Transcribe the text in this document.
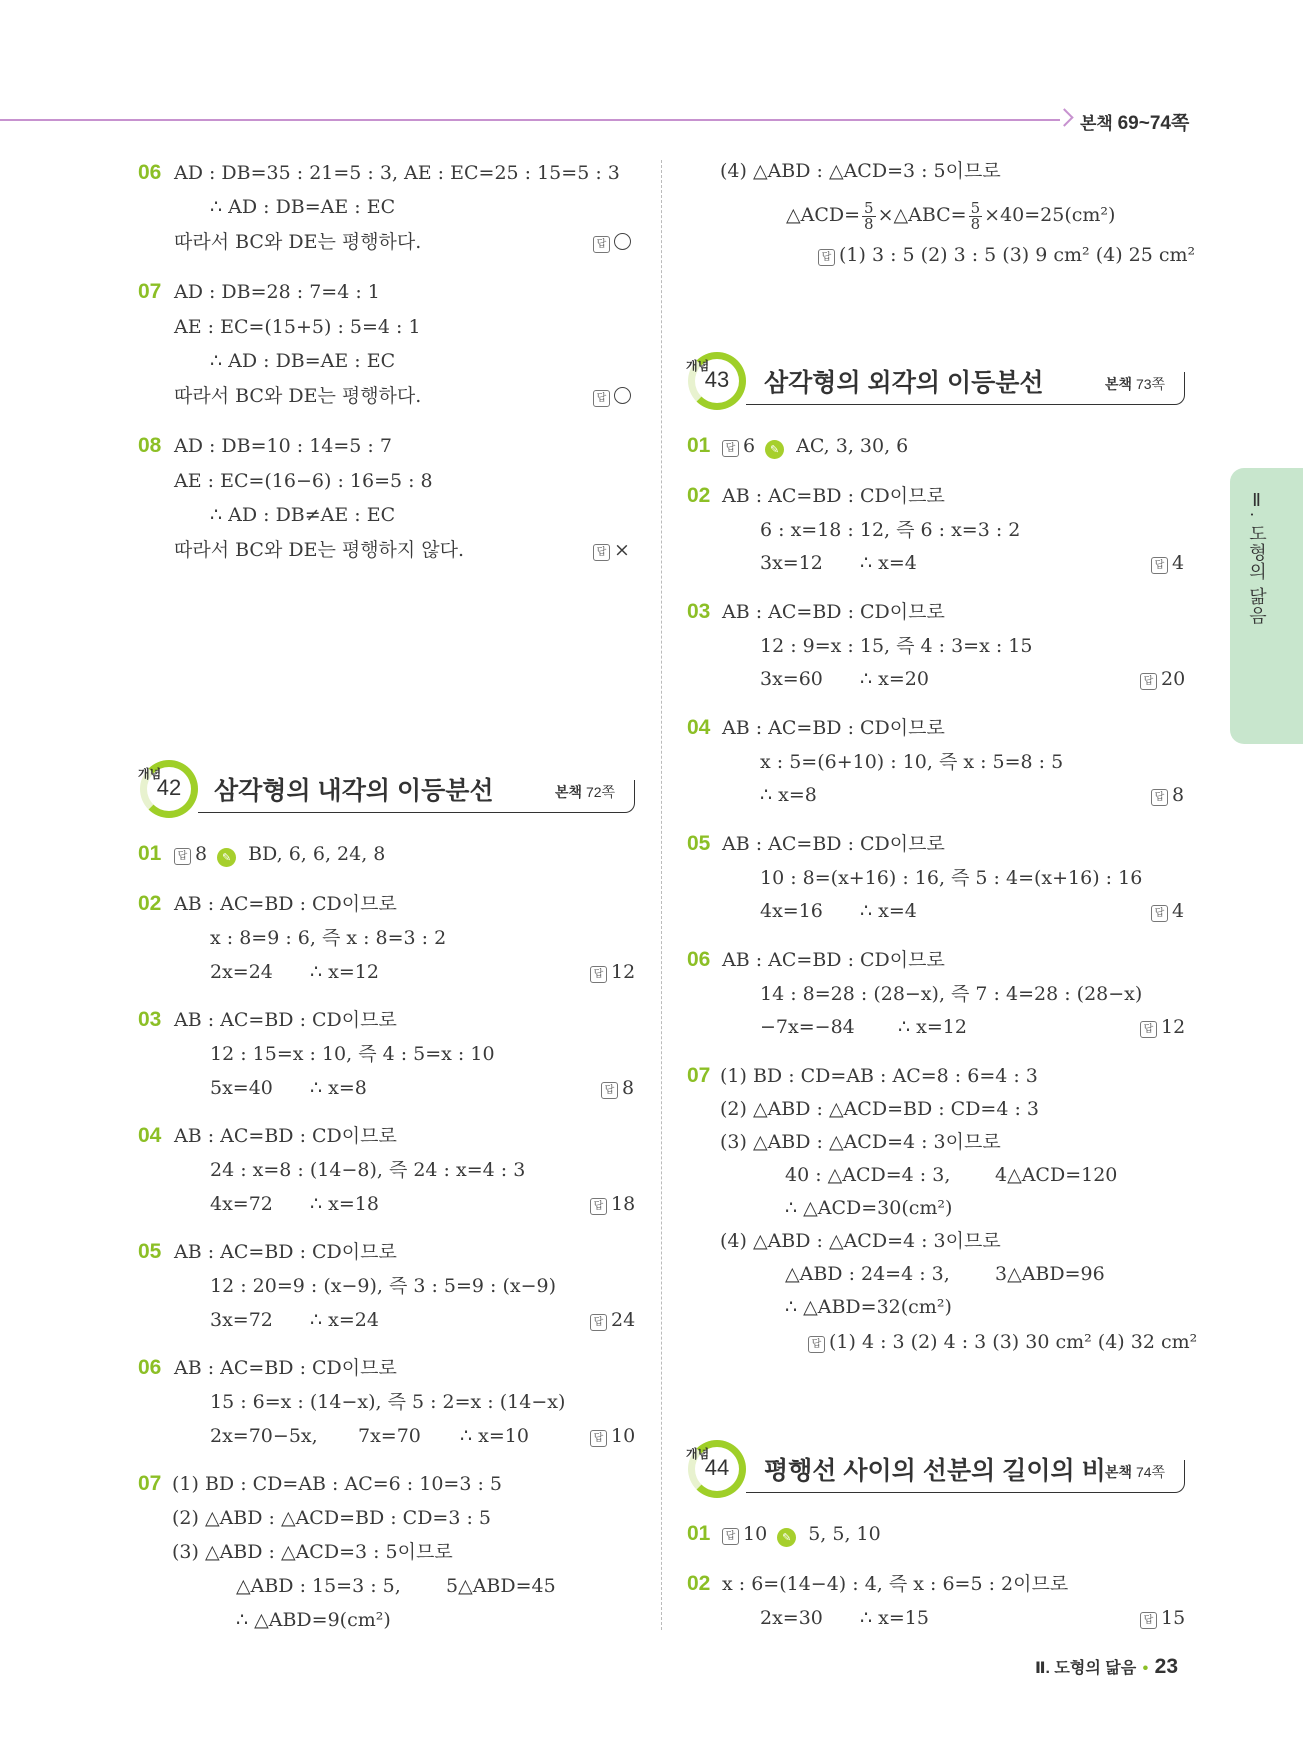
본책 69~74쪽
Ⅱ. 도형의 닮음
06 AD : DB=35 : 21=5 : 3, AE : EC=25 : 15=5 : 3
∴ AD : DB=AE : EC
따라서 BC와 DE는 평행하다.	답
07 AD : DB=28 : 7=4 : 1
AE : EC=(15+5) : 5=4 : 1
∴ AD : DB=AE : EC
따라서 BC와 DE는 평행하다.	답
08 AD : DB=10 : 14=5 : 7
AE : EC=(16−6) : 16=5 : 8
∴ AD : DB≠AE : EC
따라서 BC와 DE는 평행하지 않다.	답 ×
개념
42	삼각형의 내각의 이등분선	본책 72쪽
01	답 8 ✎ BD, 6, 6, 24, 8
02 AB : AC=BD : CD이므로
x : 8=9 : 6, 즉 x : 8=3 : 2
2x=24 ∴ x=12	답 12
03 AB : AC=BD : CD이므로
12 : 15=x : 10, 즉 4 : 5=x : 10
5x=40 ∴ x=8	답 8
04 AB : AC=BD : CD이므로
24 : x=8 : (14−8), 즉 24 : x=4 : 3
4x=72 ∴ x=18	답 18
05 AB : AC=BD : CD이므로
12 : 20=9 : (x−9), 즉 3 : 5=9 : (x−9)
3x=72 ∴ x=24	답 24
06 AB : AC=BD : CD이므로
15 : 6=x : (14−x), 즉 5 : 2=x : (14−x)
2x=70−5x, 7x=70 ∴ x=10	답 10
07 (1) BD : CD=AB : AC=6 : 10=3 : 5
(2) △ABD : △ACD=BD : CD=3 : 5
(3) △ABD : △ACD=3 : 5이므로
△ABD : 15=3 : 5, 5△ABD=45
∴ △ABD=9(cm²)
(4) △ABD : △ACD=3 : 5이므로
△ACD= $\frac{5}{8}$ ×△ABC= $\frac{5}{8} \times 40=25(cm^2)$
답 (1) 3 : 5 (2) 3 : 5 (3) 9 cm² (4) 25 cm²
개념
43	삼각형의 외각의 이등분선	본책 73쪽
01	답 6 ✎ AC, 3, 30, 6
02 AB : AC=BD : CD이므로
6 : x=18 : 12, 즉 6 : x=3 : 2
3x=12 ∴ x=4	답 4
03 AB : AC=BD : CD이므로
12 : 9=x : 15, 즉 4 : 3=x : 15
3x=60 ∴ x=20	답 20
04 AB : AC=BD : CD이므로
x : 5=(6+10) : 10, 즉 x : 5=8 : 5
∴ x=8	답 8
05 AB : AC=BD : CD이므로
10 : 8=(x+16) : 16, 즉 5 : 4=(x+16) : 16
4x=16 ∴ x=4	답 4
06 AB : AC=BD : CD이므로
14 : 8=28 : (28−x), 즉 7 : 4=28 : (28−x)
−7x=−84 ∴ x=12	답 12
07 (1) BD : CD=AB : AC=8 : 6=4 : 3
(2) △ABD : △ACD=BD : CD=4 : 3
(3) △ABD : △ACD=4 : 3이므로
40 : △ACD=4 : 3, 4△ACD=120
∴ △ACD=30(cm²)
(4) △ABD : △ACD=4 : 3이므로
△ABD : 24=4 : 3, 3△ABD=96
∴ △ABD=32(cm²)
답 (1) 4 : 3 (2) 4 : 3 (3) 30 cm² (4) 32 cm²
개념
44	평행선 사이의 선분의 길이의 비 본책 74쪽
01	답 10 ✎ 5, 5, 10
02 x : 6=(14−4) : 4, 즉 x : 6=5 : 2이므로
2x=30 ∴ x=15	답 15
Ⅱ. 도형의 닮음 • 23
